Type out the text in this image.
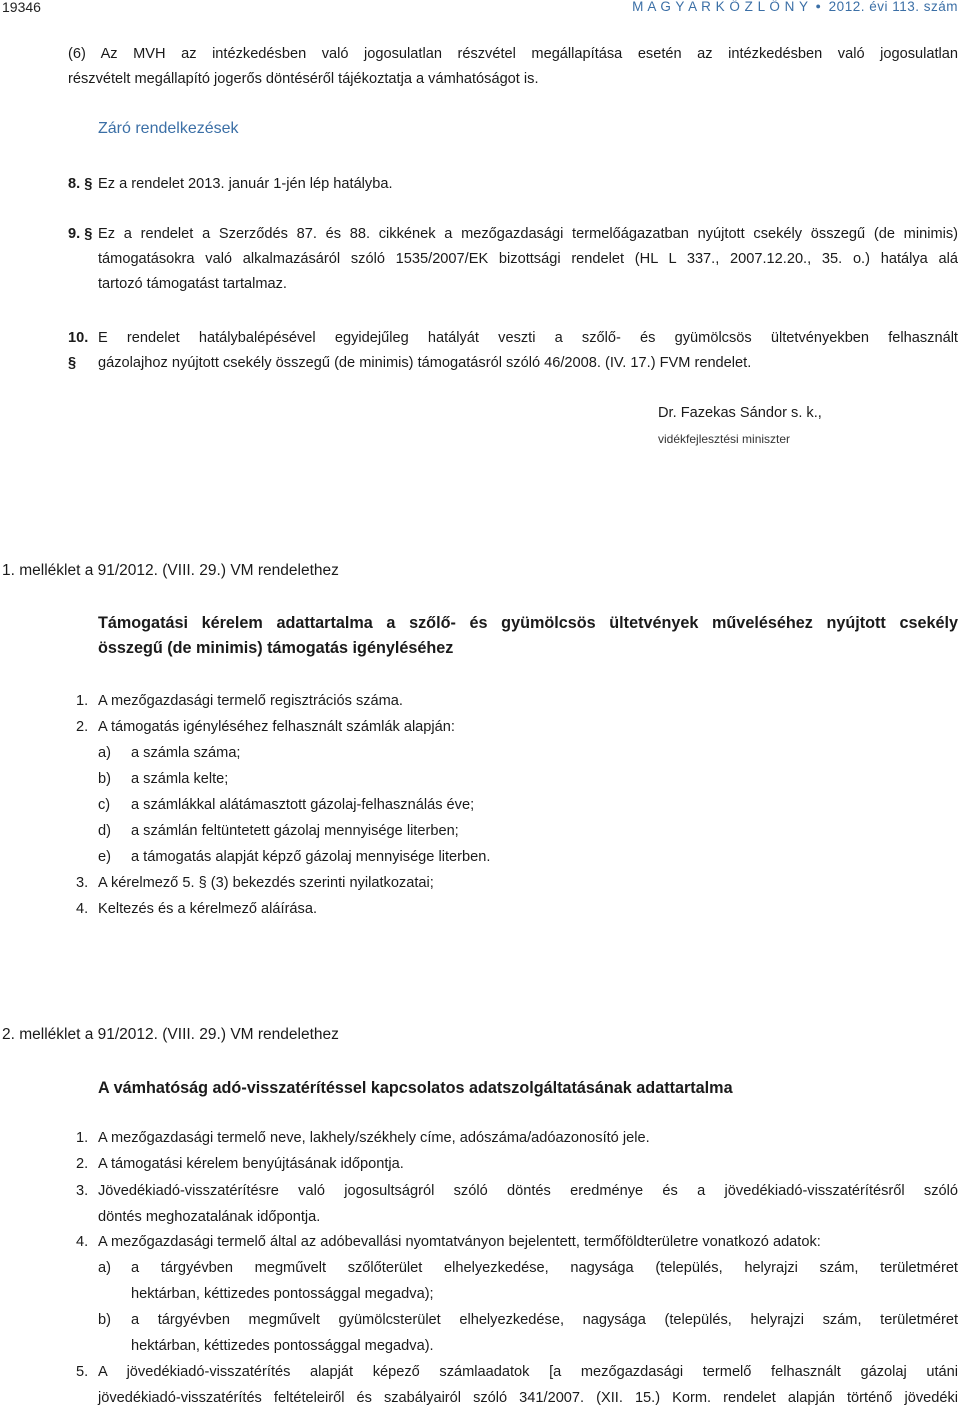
19346	M A G Y A R K Ö Z L Ö N Y ● 2012. évi 113. szám
(6) Az MVH az intézkedésben való jogosulatlan részvétel megállapítása esetén az intézkedésben való jogosulatlan
részvételt megállapító jogerős döntéséről tájékoztatja a vámhatóságot is.
Záró rendelkezések
8. § Ez a rendelet 2013. január 1-jén lép hatályba.
9. § Ez a rendelet a Szerződés 87. és 88. cikkének a mezőgazdasági termelőágazatban nyújtott csekély összegű (de minimis)
támogatásokra való alkalmazásáról szóló 1535/2007/EK bizottsági rendelet (HL L 337., 2007.12.20., 35. o.) hatálya alá
tartozó támogatást tartalmaz.
10. §
E rendelet hatálybalépésével egyidejűleg hatályát veszti a szőlő- és gyümölcsös ültetvényekben felhasznált
gázolajhoz nyújtott csekély összegű (de minimis) támogatásról szóló 46/2008. (IV. 17.) FVM rendelet.
Dr. Fazekas Sándor s. k.,
vidékfejlesztési miniszter
1. melléklet a 91/2012. (VIII. 29.) VM rendelethez
Támogatási kérelem adattartalma a szőlő- és gyümölcsös ültetvények műveléséhez nyújtott csekély
összegű (de minimis) támogatás igényléséhez
1. A mezőgazdasági termelő regisztrációs száma.
2. A támogatás igényléséhez felhasznált számlák alapján:
a) a számla száma;
b) a számla kelte;
c) a számlákkal alátámasztott gázolaj-felhasználás éve;
d) a számlán feltüntetett gázolaj mennyisége literben;
e) a támogatás alapját képző gázolaj mennyisége literben.
3. A kérelmező 5. § (3) bekezdés szerinti nyilatkozatai;
4. Keltezés és a kérelmező aláírása.
2. melléklet a 91/2012. (VIII. 29.) VM rendelethez
A vámhatóság adó-visszatérítéssel kapcsolatos adatszolgáltatásának adattartalma
1. A mezőgazdasági termelő neve, lakhely/székhely címe, adószáma/adóazonosító jele.
2. A támogatási kérelem benyújtásának időpontja.
3. Jövedékiadó-visszatérítésre való jogosultságról szóló döntés eredménye és a jövedékiadó-visszatérítésről szóló
döntés meghozatalának időpontja.
4. A mezőgazdasági termelő által az adóbevallási nyomtatványon bejelentett, termőföldterületre vonatkozó adatok:
a) a tárgyévben megművelt szőlőterület elhelyezkedése, nagysága (település, helyrajzi szám, területméret
hektárban, kéttizedes pontossággal megadva);
b) a tárgyévben megművelt gyümölcsterület elhelyezkedése, nagysága (település, helyrajzi szám, területméret
hektárban, kéttizedes pontossággal megadva).
5. A jövedékiadó-visszatérítés alapját képező számlaadatok [a mezőgazdasági termelő felhasznált gázolaj utáni
jövedékiadó-visszatérítés feltételeiről és szabályairól szóló 341/2007. (XII. 15.) Korm. rendelet alapján történő jövedéki
